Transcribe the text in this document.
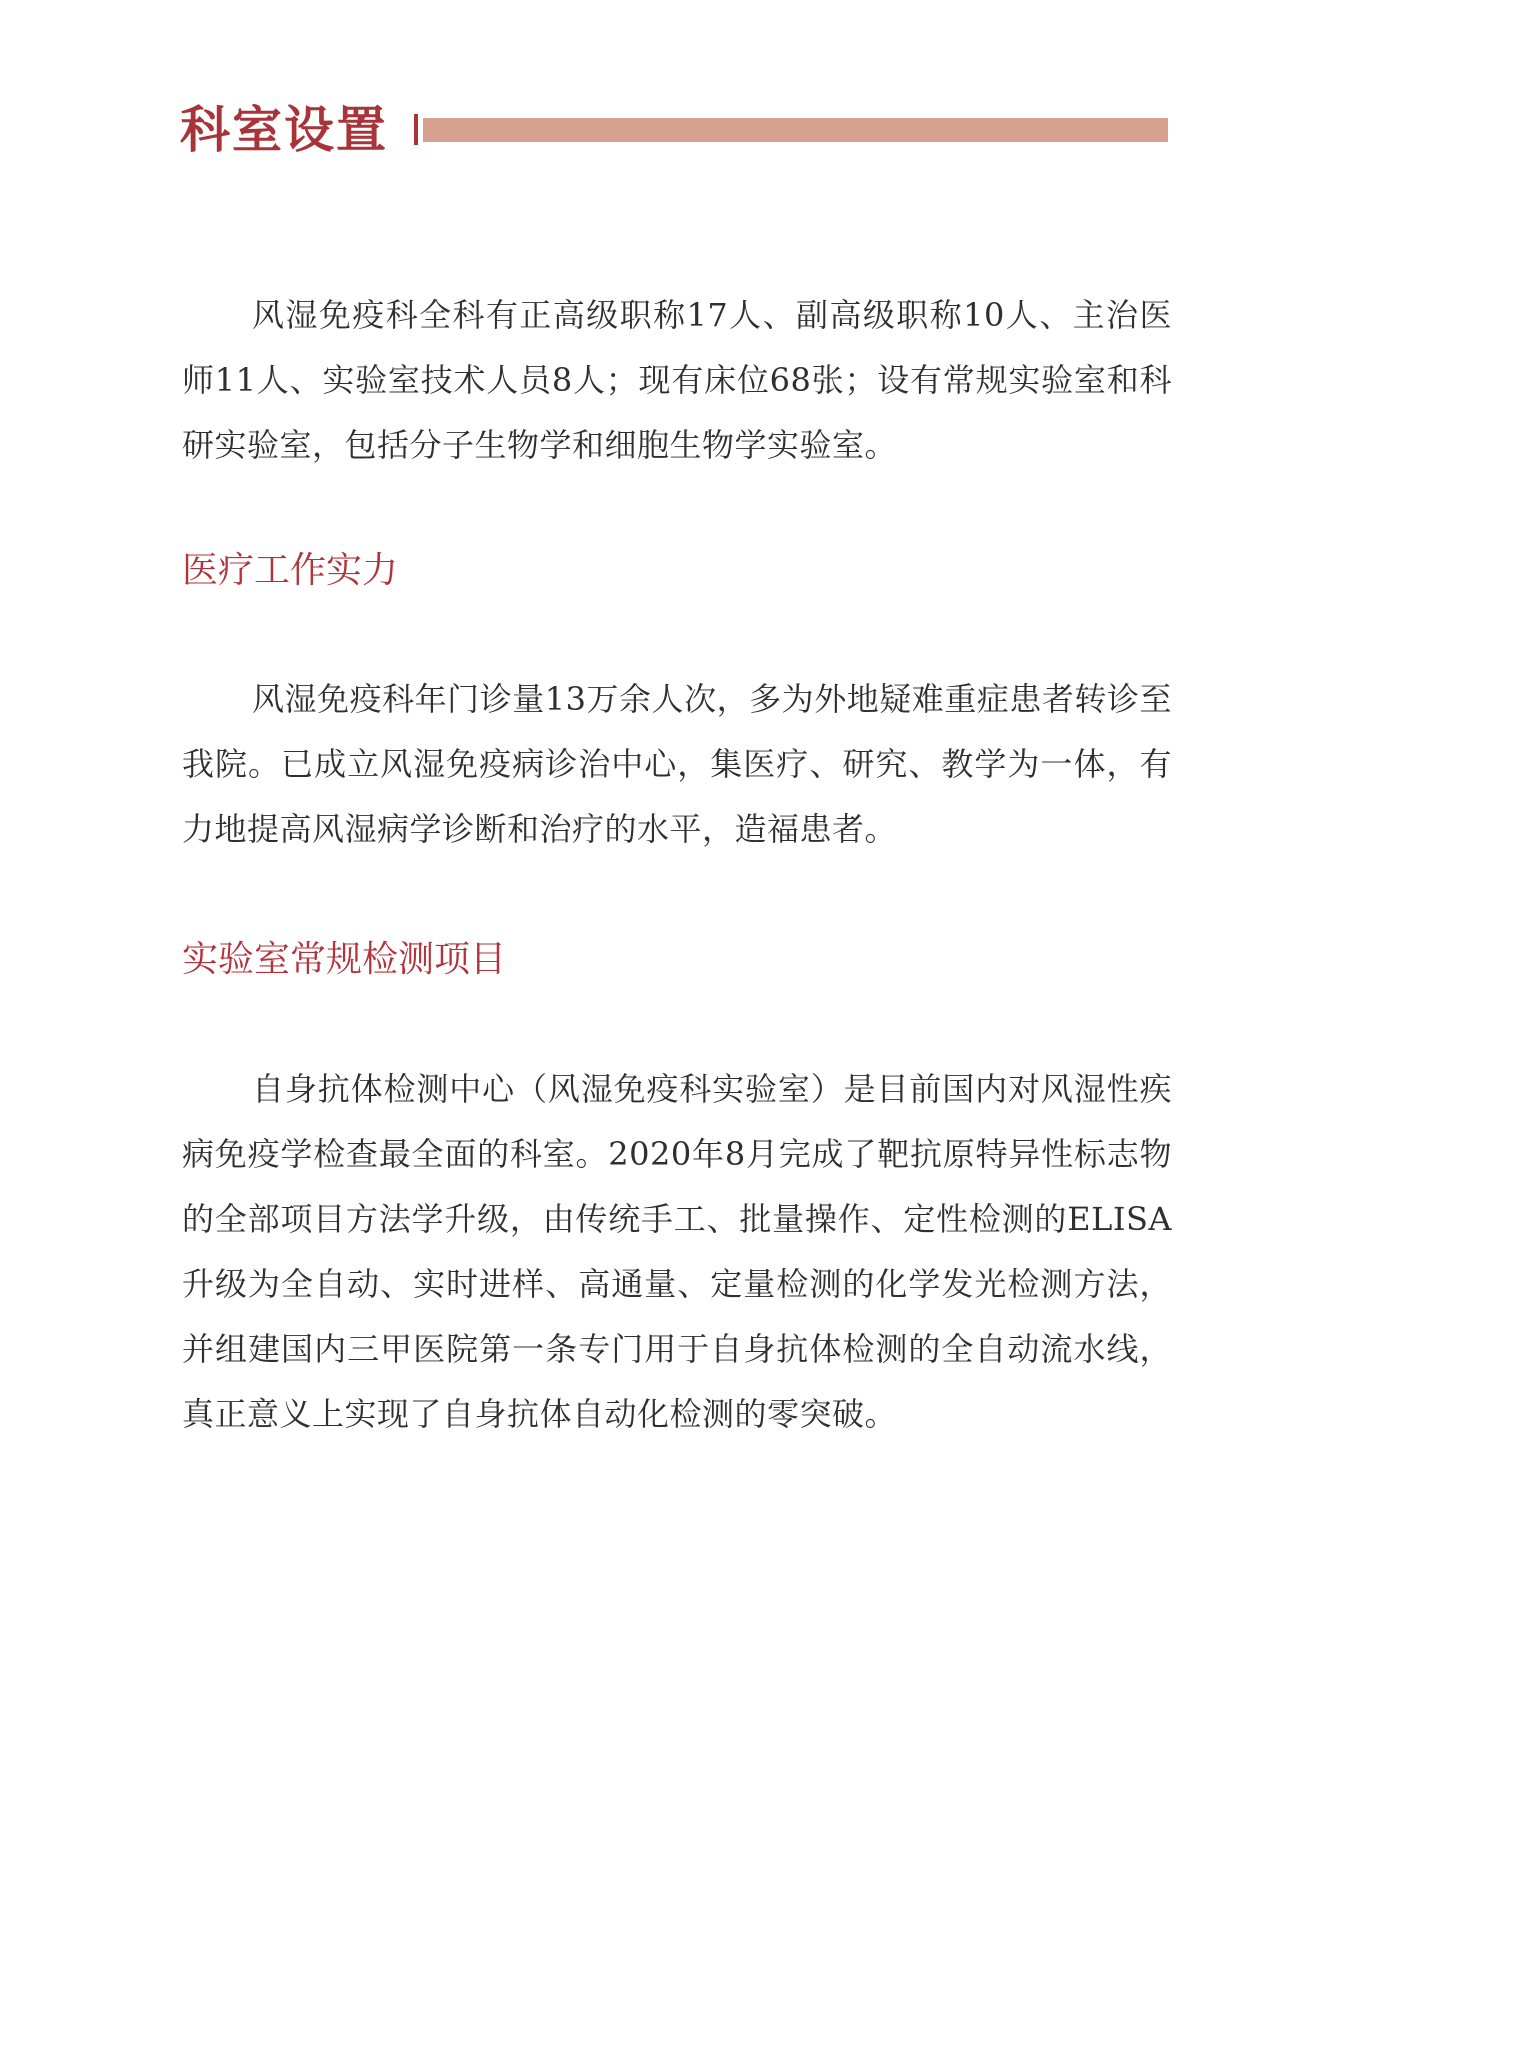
科室设置

风湿免疫科全科有正高级职称17人、副高级职称10人、主治医师11人、实验室技术人员8人；现有床位68张；设有常规实验室和科研实验室，包括分子生物学和细胞生物学实验室。

医疗工作实力

风湿免疫科年门诊量13万余人次，多为外地疑难重症患者转诊至我院。已成立风湿免疫病诊治中心，集医疗、研究、教学为一体，有力地提高风湿病学诊断和治疗的水平，造福患者。

实验室常规检测项目

自身抗体检测中心（风湿免疫科实验室）是目前国内对风湿性疾病免疫学检查最全面的科室。2020年8月完成了靶抗原特异性标志物的全部项目方法学升级，由传统手工、批量操作、定性检测的ELISA升级为全自动、实时进样、高通量、定量检测的化学发光检测方法，并组建国内三甲医院第一条专门用于自身抗体检测的全自动流水线，真正意义上实现了自身抗体自动化检测的零突破。
